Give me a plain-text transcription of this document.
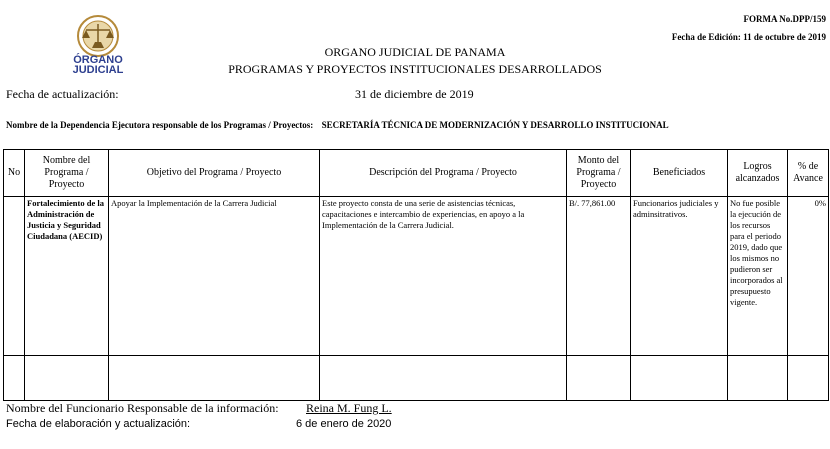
ÓRGANO JUDICIAL
FORMA No.DPP/159
Fecha de Edición: 11 de octubre de 2019
ORGANO JUDICIAL DE PANAMA
PROGRAMAS Y PROYECTOS INSTITUCIONALES DESARROLLADOS
Fecha de actualización:	31 de diciembre de 2019
Nombre de la Dependencia Ejecutora responsable de los Programas / Proyectos: SECRETARÍA TÉCNICA DE MODERNIZACIÓN Y DESARROLLO INSTITUCIONAL
No	Nombre del Programa / Proyecto	Objetivo del Programa / Proyecto	Descripción del Programa / Proyecto	Monto del Programa / Proyecto	Beneficiados	Logros alcanzados	% de Avance
	Fortalecimiento de la Administración de Justicia y Seguridad Ciudadana (AECID)	Apoyar la Implementación de la Carrera Judicial	Este proyecto consta de una serie de asistencias técnicas, capacitaciones e intercambio de experiencias, en apoyo a la Implementación de la Carrera Judicial.	B/. 77,861.00	Funcionarios judiciales y adminsitrativos.	No fue posible la ejecución de los recursos para el periodo 2019, dado que los mismos no pudieron ser incorporados al presupuesto vigente.	0%

Nombre del Funcionario Responsable de la información: Reina M. Fung L.
Fecha de elaboración y actualización:	6 de enero de 2020
